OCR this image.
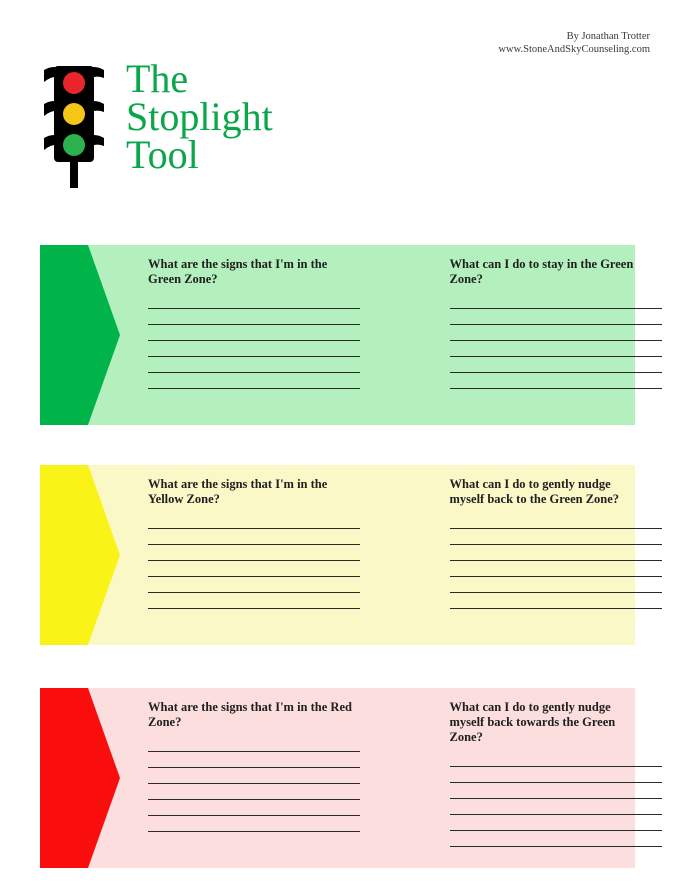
By Jonathan Trotter
www.StoneAndSkyCounseling.com
The
Stoplight
Tool

What are the signs that I'm in the Green Zone?

What can I do to stay in the Green Zone?

What are the signs that I'm in the Yellow Zone?

What can I do to gently nudge myself back to the Green Zone?

What are the signs that I'm in the Red Zone?

What can I do to gently nudge myself back towards the Green Zone?
